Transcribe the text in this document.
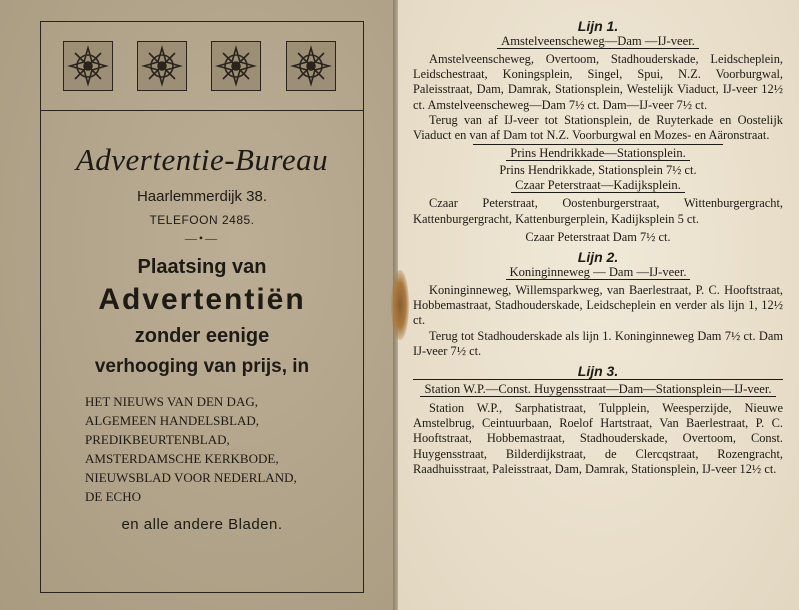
Advertentie-Bureau
Haarlemmerdijk 38.
TELEFOON 2485.
—•—
Plaatsing van
Advertentiën
zonder eenige
verhooging van prijs, in
HET NIEUWS VAN DEN DAG,
ALGEMEEN HANDELSBLAD,
PREDIKBEURTENBLAD,
AMSTERDAMSCHE KERKBODE,
NIEUWSBLAD VOOR NEDERLAND,
DE ECHO
en alle andere Bladen.
Lijn 1.
Amstelveenscheweg—Dam —IJ-veer.
Amstelveenscheweg, Overtoom, Stadhouderskade, Leidscheplein, Leidschestraat, Koningsplein, Singel, Spui, N.Z. Voorburgwal, Paleisstraat, Dam, Damrak, Stationsplein, Westelijk Viaduct, IJ-veer 12½ ct. Amstelveenscheweg—Dam 7½ ct. Dam—IJ-veer 7½ ct.
Terug van af IJ-veer tot Stationsplein, de Ruyterkade en Oostelijk Viaduct en van af Dam tot N.Z. Voorburgwal en Mozes- en Aäronstraat.
Prins Hendrikkade—Stationsplein.
Prins Hendrikkade, Stationsplein 7½ ct.
Czaar Peterstraat—Kadijksplein.
Czaar Peterstraat, Oostenburgerstraat, Wittenburgergracht, Kattenburgergracht, Kattenburgerplein, Kadijksplein 5 ct.
Czaar Peterstraat Dam 7½ ct.
Lijn 2.
Koninginneweg — Dam —IJ-veer.
Koninginneweg, Willemsparkweg, van Baerlestraat, P. C. Hooftstraat, Hobbemastraat, Stadhouderskade, Leidscheplein en verder als lijn 1, 12½ ct.
Terug tot Stadhouderskade als lijn 1. Koninginneweg Dam 7½ ct. Dam IJ-veer 7½ ct.
Lijn 3.
Station W.P.—Const. Huygensstraat—Dam—Stationsplein—IJ-veer.
Station W.P., Sarphatistraat, Tulpplein, Weesperzijde, Nieuwe Amstelbrug, Ceintuurbaan, Roelof Hartstraat, Van Baerlestraat, P. C. Hooftstraat, Hobbemastraat, Stadhouderskade, Overtoom, Const. Huygensstraat, Bilderdijkstraat, de Clercqstraat, Rozengracht, Raadhuisstraat, Paleisstraat, Dam, Damrak, Stationsplein, IJ-veer 12½ ct.
